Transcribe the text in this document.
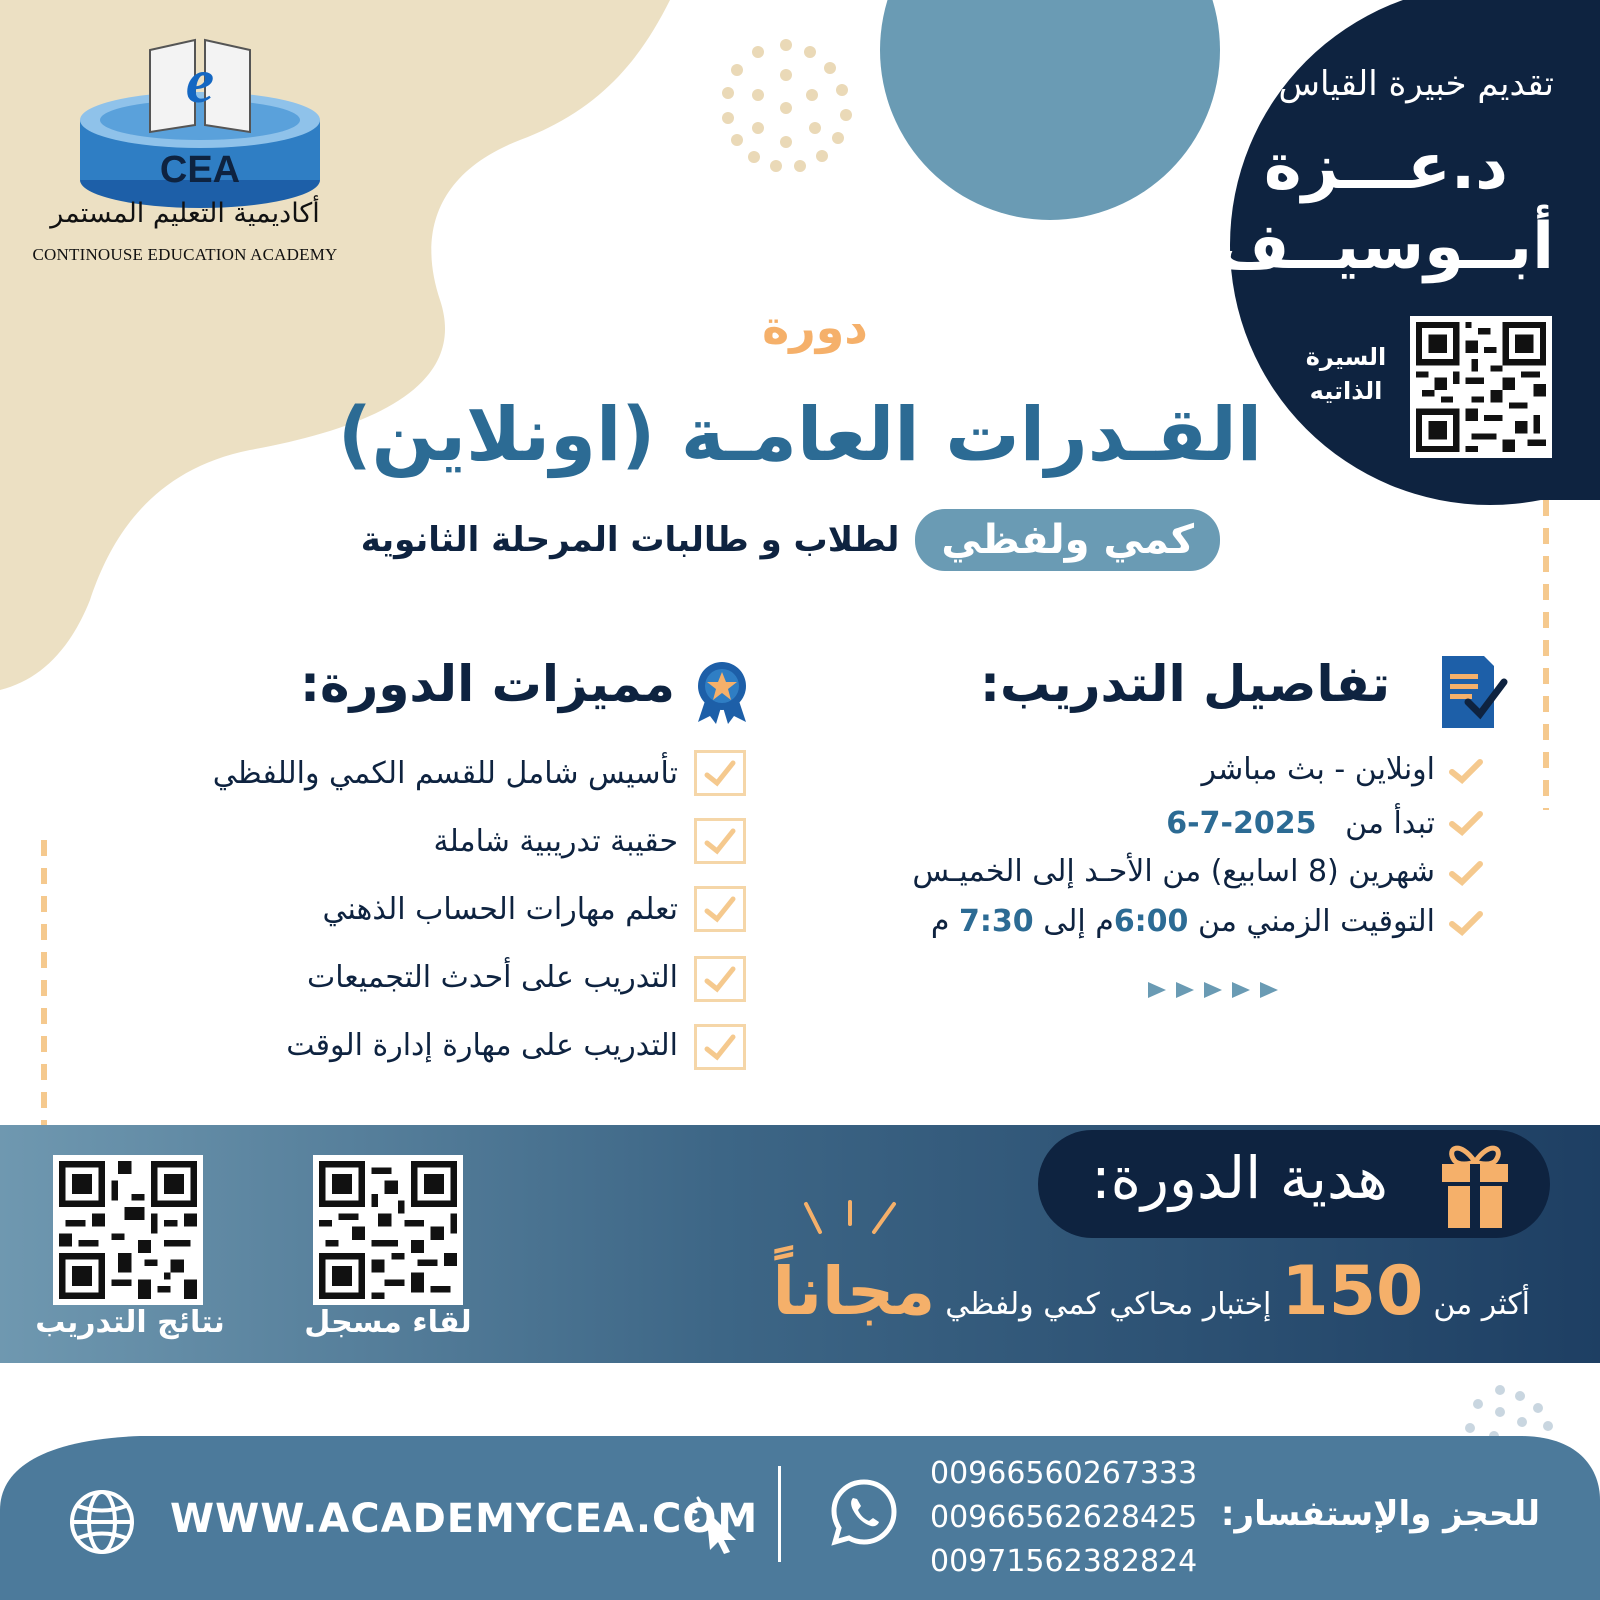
e
CEA
أكاديمية التعليم المستمر
CONTINOUSE EDUCATION ACADEMY
تقديم خبيرة القياس:
د.عـــزة
أبــوسيــف
السيرة الذاتيه
دورة
القـدرات العامـة (اونلاين)
كمي ولفظي
لطلاب و طالبات المرحلة الثانوية
تفاصيل التدريب:
مميزات الدورة:
اونلاين - بث مباشر
تبدأ من   6-7-2025
شهرين (8 اسابيع) من الأحـد إلى الخميـس
التوقيت الزمني من 6:00م إلى 7:30 م
تأسيس شامل للقسم الكمي واللفظي
حقيبة تدريبية شاملة
تعلم مهارات الحساب الذهني
التدريب على أحدث التجميعات
التدريب على مهارة إدارة الوقت
هدية الدورة:
أكثر من
150
إختبار محاكي كمي ولفظي
مجاناً
نتائج التدريب	لقاء مسجل
للحجز والإستفسار:
00966560267333
00966562628425
00971562382824
WWW.ACADEMYCEA.COM
